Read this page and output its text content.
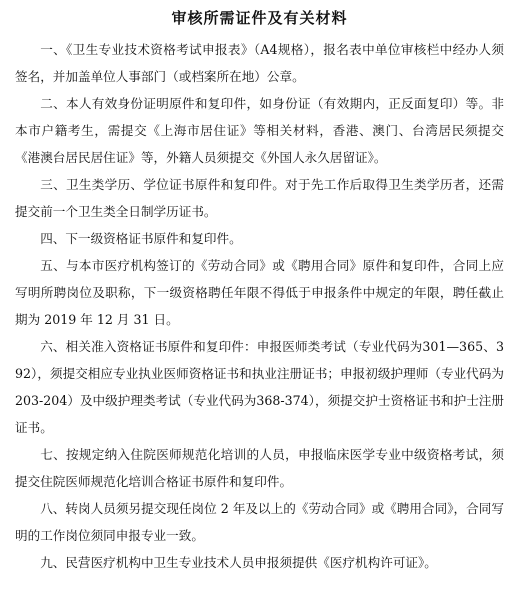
审核所需证件及有关材料

一、《卫生专业技术资格考试申报表》（A4规格），报名表中单位审核栏中经办人须签名，并加盖单位人事部门（或档案所在地）公章。

二、本人有效身份证明原件和复印件，如身份证（有效期内，正反面复印）等。非本市户籍考生，需提交《上海市居住证》等相关材料，香港、澳门、台湾居民须提交《港澳台居民居住证》等，外籍人员须提交《外国人永久居留证》。

三、卫生类学历、学位证书原件和复印件。对于先工作后取得卫生类学历者，还需提交前一个卫生类全日制学历证书。

四、下一级资格证书原件和复印件。

五、与本市医疗机构签订的《劳动合同》或《聘用合同》原件和复印件，合同上应写明所聘岗位及职称，下一级资格聘任年限不得低于申报条件中规定的年限，聘任截止期为 2019 年 12 月 31 日。

六、相关准入资格证书原件和复印件：申报医师类考试（专业代码为301—365、392），须提交相应专业执业医师资格证书和执业注册证书；申报初级护理师（专业代码为 203-204）及中级护理类考试（专业代码为368-374），须提交护士资格证书和护士注册证书。

七、按规定纳入住院医师规范化培训的人员，申报临床医学专业中级资格考试，须提交住院医师规范化培训合格证书原件和复印件。

八、转岗人员须另提交现任岗位 2 年及以上的《劳动合同》或《聘用合同》，合同写明的工作岗位须同申报专业一致。

九、民营医疗机构中卫生专业技术人员申报须提供《医疗机构许可证》。
